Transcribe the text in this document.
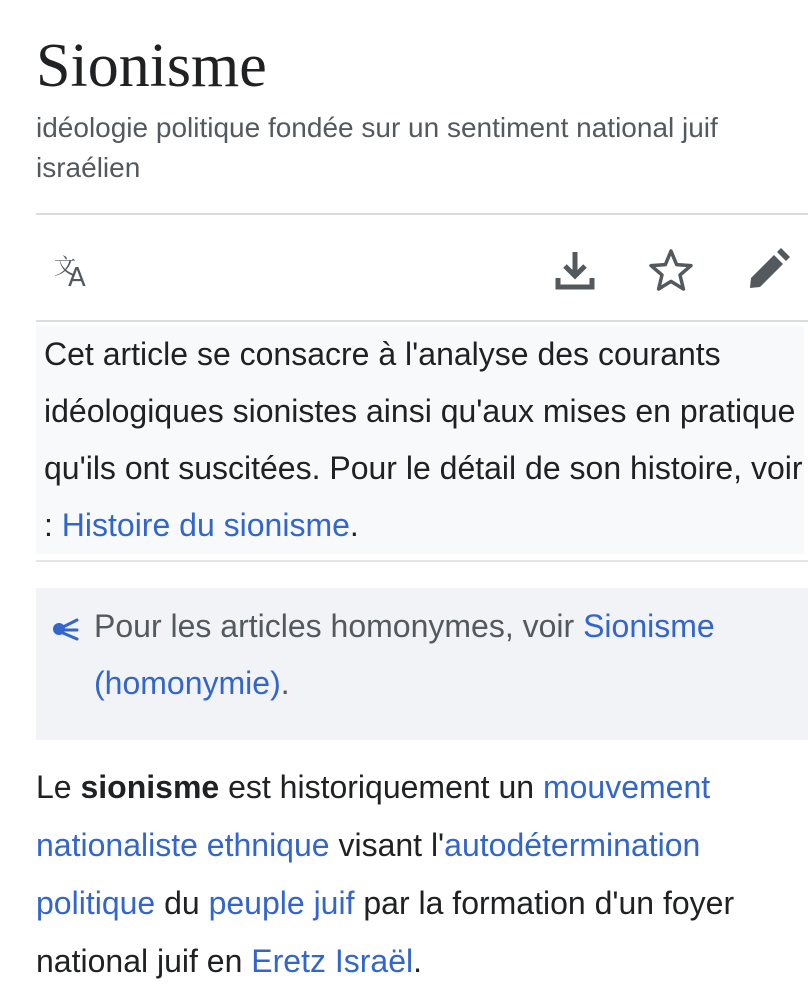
Sionisme
idéologie politique fondée sur un sentiment national juif israélien
文
A
Cet article se consacre à l'analyse des courants idéologiques sionistes ainsi qu'aux mises en pratique qu'ils ont suscitées. Pour le détail de son histoire, voir : Histoire du sionisme.
Pour les articles homonymes, voir Sionisme (homonymie).
Le sionisme est historiquement un mouvement nationaliste ethnique visant l'autodétermination politique du peuple juif par la formation d'un foyer national juif en Eretz Israël.
